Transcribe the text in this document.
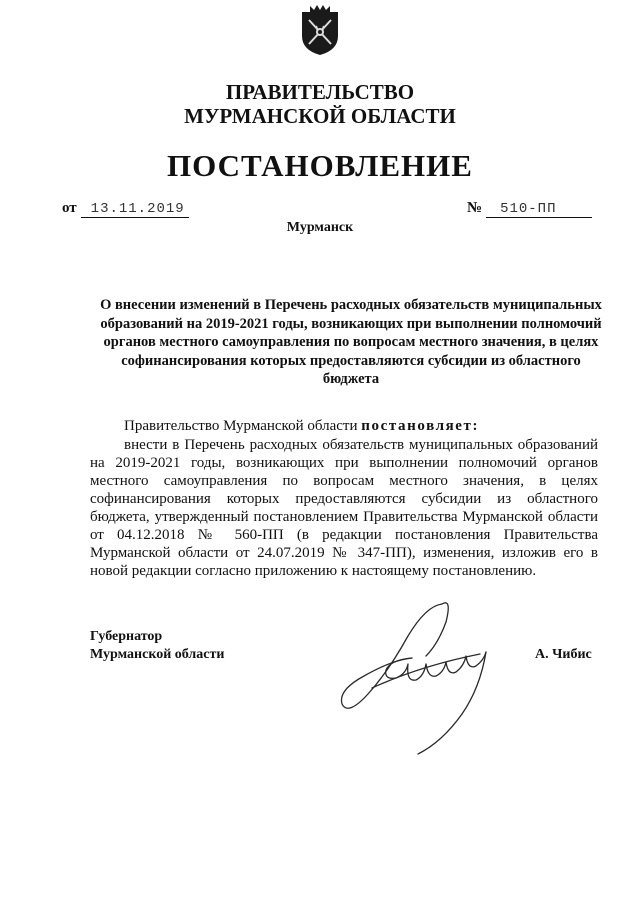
ПРАВИТЕЛЬСТВО
МУРМАНСКОЙ ОБЛАСТИ
ПОСТАНОВЛЕНИЕ
от 13.11.2019	№ 510-ПП
Мурманск
О внесении изменений в Перечень расходных обязательств муниципальных образований на 2019-2021 годы, возникающих при выполнении полномочий органов местного самоуправления по вопросам местного значения, в целях софинансирования которых предоставляются субсидии из областного бюджета
Правительство Мурманской области постановляет:
внести в Перечень расходных обязательств муниципальных образований на 2019-2021 годы, возникающих при выполнении полномочий органов местного самоуправления по вопросам местного значения, в целях софинансирования которых предоставляются субсидии из областного бюджета, утвержденный постановлением Правительства Мурманской области от 04.12.2018 № 560-ПП (в редакции постановления Правительства Мурманской области от 24.07.2019 № 347-ПП), изменения, изложив его в новой редакции согласно приложению к настоящему постановлению.
Губернатор
Мурманской области	А. Чибис
